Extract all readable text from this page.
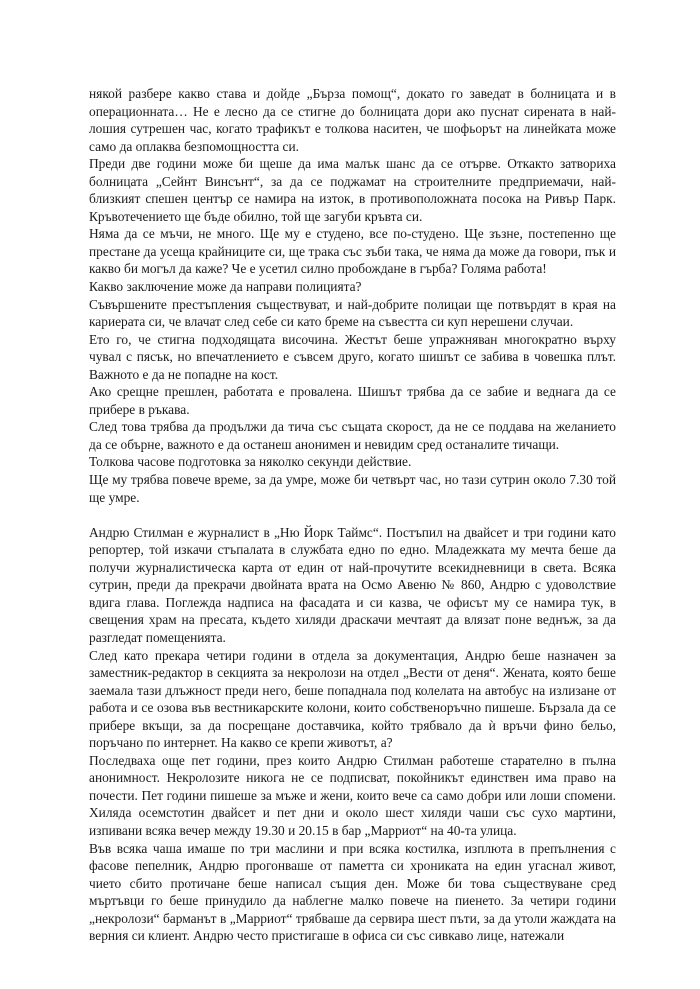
някой разбере какво става и дойде „Бърза помощ“, докато го заведат в болницата и в операционната… Не е лесно да се стигне до болницата дори ако пуснат сирената в най-лошия сутрешен час, когато трафикът е толкова наситен, че шофьорът на линейката може само да оплаква безпомощността си.

Преди две години може би щеше да има малък шанс да се отърве. Откакто затвориха болницата „Сейнт Винсънт“, за да се поджамат на строителните предприемачи, най-близкият спешен център се намира на изток, в противоположната посока на Ривър Парк. Кръвотечението ще бъде обилно, той ще загуби кръвта си.

Няма да се мъчи, не много. Ще му е студено, все по-студено. Ще зъзне, постепенно ще престане да усеща крайниците си, ще трака със зъби така, че няма да може да говори, пък и какво би могъл да каже? Че е усетил силно пробождане в гърба? Голяма работа!

Какво заключение може да направи полицията?

Съвършените престъпления съществуват, и най-добрите полицаи ще потвърдят в края на кариерата си, че влачат след себе си като бреме на съвестта си куп нерешени случаи.

Ето го, че стигна подходящата височина. Жестът беше упражняван многократно върху чувал с пясък, но впечатлението е съвсем друго, когато шишът се забива в човешка плът. Важното е да не попадне на кост.

Ако срещне прешлен, работата е провалена. Шишът трябва да се забие и веднага да се прибере в ръкава.

След това трябва да продължи да тича със същата скорост, да не се поддава на желанието да се обърне, важното е да останеш анонимен и невидим сред останалите тичащи.

Толкова часове подготовка за няколко секунди действие.

Ще му трябва повече време, за да умре, може би четвърт час, но тази сутрин около 7.30 той ще умре.

Андрю Стилман е журналист в „Ню Йорк Таймс“. Постъпил на двайсет и три години като репортер, той изкачи стъпалата в службата едно по едно. Младежката му мечта беше да получи журналистическа карта от един от най-прочутите всекидневници в света. Всяка сутрин, преди да прекрачи двойната врата на Осмо Авеню № 860, Андрю с удоволствие вдига глава. Поглежда надписа на фасадата и си казва, че офисът му се намира тук, в свещения храм на пресата, където хиляди драскачи мечтаят да влязат поне веднъж, за да разгледат помещенията.

След като прекара четири години в отдела за документация, Андрю беше назначен за заместник-редактор в секцията за некролози на отдел „Вести от деня“. Жената, която беше заемала тази длъжност преди него, беше попаднала под колелата на автобус на излизане от работа и се озова във вестникарските колони, които собственоръчно пишеше. Бързала да се прибере вкъщи, за да посрещане доставчика, който трябвало да ѝ връчи фино бельо, поръчано по интернет. На какво се крепи животът, а?

Последваха още пет години, през които Андрю Стилман работеше старателно в пълна анонимност. Некролозите никога не се подписват, покойникът единствен има право на почести. Пет години пишеше за мъже и жени, които вече са само добри или лоши спомени. Хиляда осемстотин двайсет и пет дни и около шест хиляди чаши със сухо мартини, изпивани всяка вечер между 19.30 и 20.15 в бар „Марриот“ на 40-та улица.

Във всяка чаша имаше по три маслини и при всяка костилка, изплюта в препълнения с фасове пепелник, Андрю прогонваше от паметта си хрониката на един угаснал живот, чието сбито протичане беше написал същия ден. Може би това съществуване сред мъртъвци го беше принудило да наблегне малко повече на пиенето. За четири години „некролози“ барманът в „Марриот“ трябваше да сервира шест пъти, за да утоли жаждата на верния си клиент. Андрю често пристигаше в офиса си със сивкаво лице, натежали
